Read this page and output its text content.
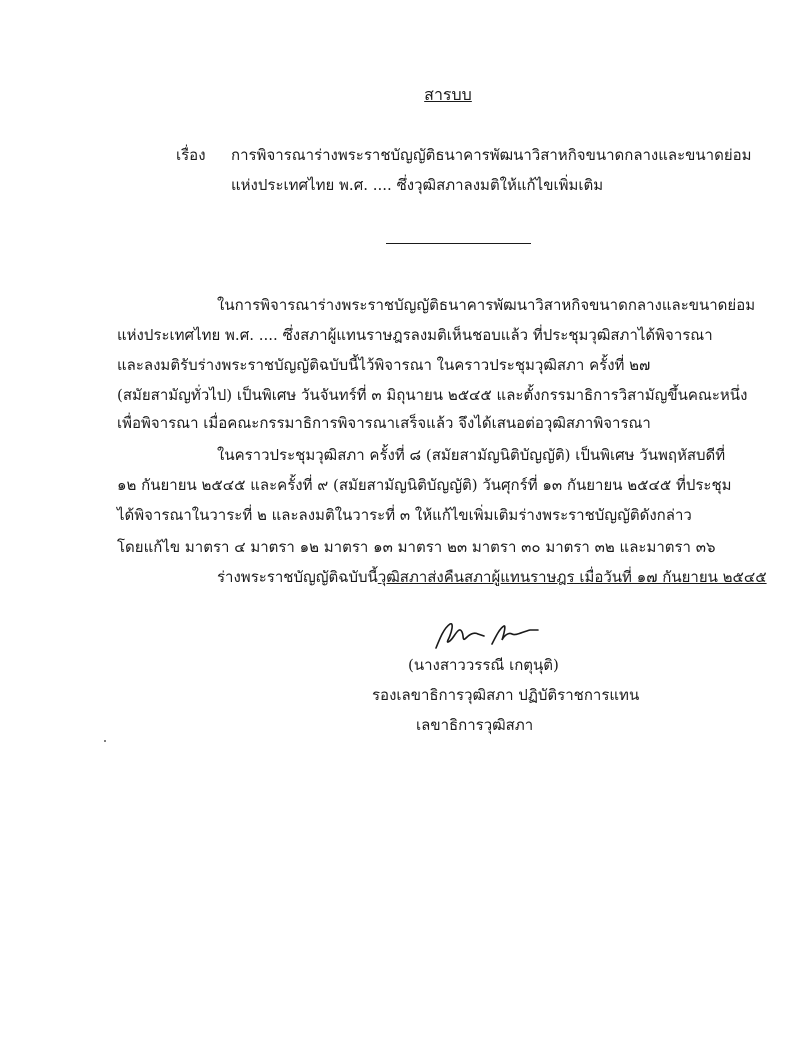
สารบบ
เรื่อง การพิจารณาร่างพระราชบัญญัติธนาคารพัฒนาวิสาหกิจขนาดกลางและขนาดย่อม
แห่งประเทศไทย พ.ศ. .... ซึ่งวุฒิสภาลงมติให้แก้ไขเพิ่มเติม
ในการพิจารณาร่างพระราชบัญญัติธนาคารพัฒนาวิสาหกิจขนาดกลางและขนาดย่อม
แห่งประเทศไทย พ.ศ. .... ซึ่งสภาผู้แทนราษฎรลงมติเห็นชอบแล้ว ที่ประชุมวุฒิสภาได้พิจารณา
และลงมติรับร่างพระราชบัญญัติฉบับนี้ไว้พิจารณา ในคราวประชุมวุฒิสภา ครั้งที่ ๒๗
(สมัยสามัญทั่วไป) เป็นพิเศษ วันจันทร์ที่ ๓ มิถุนายน ๒๕๔๕ และตั้งกรรมาธิการวิสามัญขึ้นคณะหนึ่ง
เพื่อพิจารณา เมื่อคณะกรรมาธิการพิจารณาเสร็จแล้ว จึงได้เสนอต่อวุฒิสภาพิจารณา
ในคราวประชุมวุฒิสภา ครั้งที่ ๘ (สมัยสามัญนิติบัญญัติ) เป็นพิเศษ วันพฤหัสบดีที่
๑๒ กันยายน ๒๕๔๕ และครั้งที่ ๙ (สมัยสามัญนิติบัญญัติ) วันศุกร์ที่ ๑๓ กันยายน ๒๕๔๕ ที่ประชุม
ได้พิจารณาในวาระที่ ๒ และลงมติในวาระที่ ๓ ให้แก้ไขเพิ่มเติมร่างพระราชบัญญัติดังกล่าว
โดยแก้ไข มาตรา ๔ มาตรา ๑๒ มาตรา ๑๓ มาตรา ๒๓ มาตรา ๓๐ มาตรา ๓๒ และมาตรา ๓๖
ร่างพระราชบัญญัติฉบับนี้วุฒิสภาส่งคืนสภาผู้แทนราษฎร เมื่อวันที่ ๑๗ กันยายน ๒๕๔๕
(นางสาววรรณี เกตุนุติ)
รองเลขาธิการวุฒิสภา ปฏิบัติราชการแทน
เลขาธิการวุฒิสภา
